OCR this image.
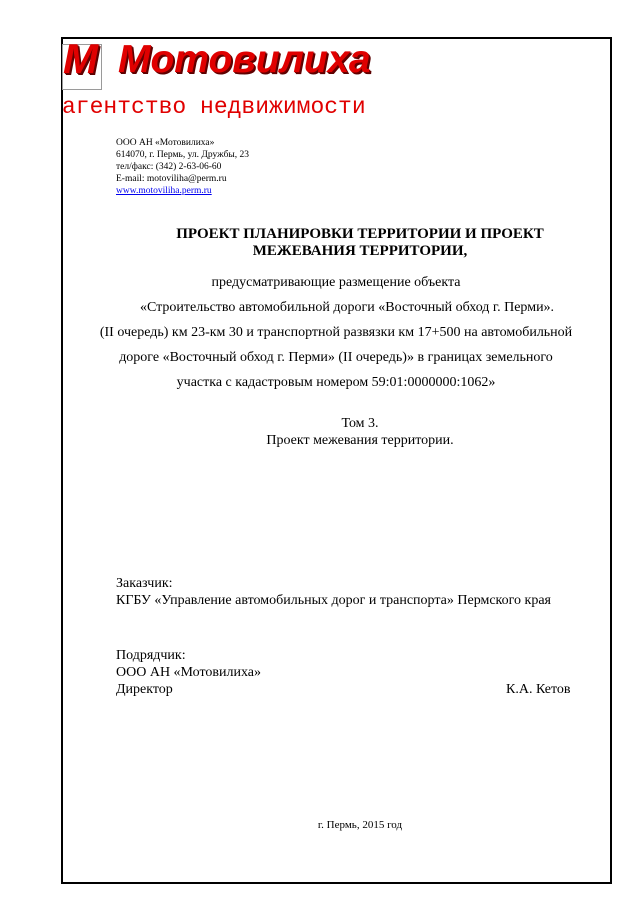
М Мотовилиха
агентство недвижимости
ООО АН «Мотовилиха»
614070, г. Пермь, ул. Дружбы, 23
тел/факс: (342) 2-63-06-60
E-mail: motoviliha@perm.ru
www.motoviliha.perm.ru
ПРОЕКТ ПЛАНИРОВКИ ТЕРРИТОРИИ И ПРОЕКТ
МЕЖЕВАНИЯ ТЕРРИТОРИИ,
предусматривающие размещение объекта
«Строительство автомобильной дороги «Восточный обход г. Перми».
(II очередь) км 23-км 30 и транспортной развязки км 17+500 на автомобильной
дороге «Восточный обход г. Перми» (II очередь)» в границах земельного
участка с кадастровым номером 59:01:0000000:1062»
Том 3.
Проект межевания территории.
Заказчик:
КГБУ «Управление автомобильных дорог и транспорта» Пермского края
Подрядчик:
ООО АН «Мотовилиха»
Директор	К.А. Кетов
г. Пермь, 2015 год
